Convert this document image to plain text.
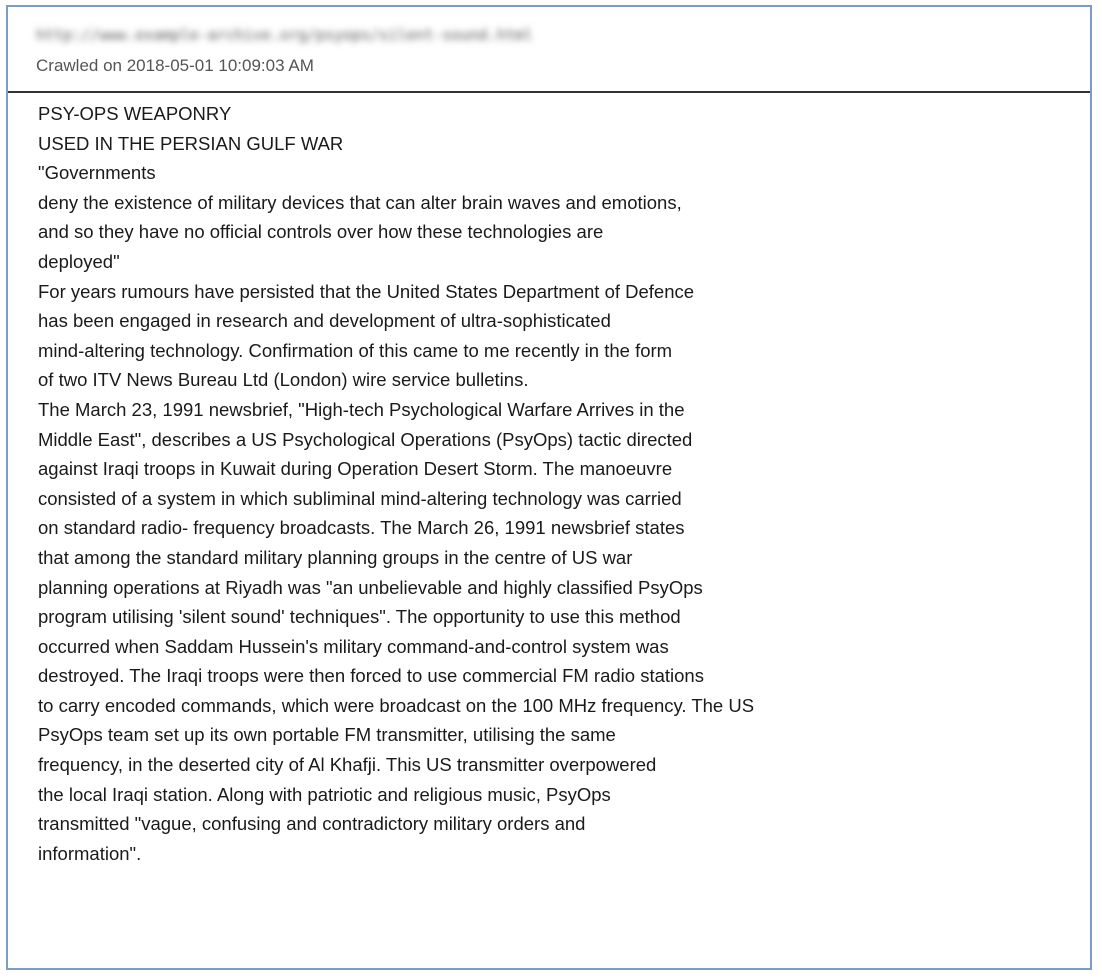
http://www.example-archive.org/psyops/silent-sound.html
Crawled on 2018-05-01 10:09:03 AM
PSY-OPS WEAPONRY
USED IN THE PERSIAN GULF WAR
"Governments
deny the existence of military devices that can alter brain waves and emotions,
and so they have no official controls over how these technologies are
deployed"
For years rumours have persisted that the United States Department of Defence
has been engaged in research and development of ultra-sophisticated
mind-altering technology. Confirmation of this came to me recently in the form
of two ITV News Bureau Ltd (London) wire service bulletins.
The March 23, 1991 newsbrief, "High-tech Psychological Warfare Arrives in the
Middle East", describes a US Psychological Operations (PsyOps) tactic directed
against Iraqi troops in Kuwait during Operation Desert Storm. The manoeuvre
consisted of a system in which subliminal mind-altering technology was carried
on standard radio- frequency broadcasts. The March 26, 1991 newsbrief states
that among the standard military planning groups in the centre of US war
planning operations at Riyadh was "an unbelievable and highly classified PsyOps
program utilising 'silent sound' techniques". The opportunity to use this method
occurred when Saddam Hussein's military command-and-control system was
destroyed. The Iraqi troops were then forced to use commercial FM radio stations
to carry encoded commands, which were broadcast on the 100 MHz frequency. The US
PsyOps team set up its own portable FM transmitter, utilising the same
frequency, in the deserted city of Al Khafji. This US transmitter overpowered
the local Iraqi station. Along with patriotic and religious music, PsyOps
transmitted "vague, confusing and contradictory military orders and
information".
